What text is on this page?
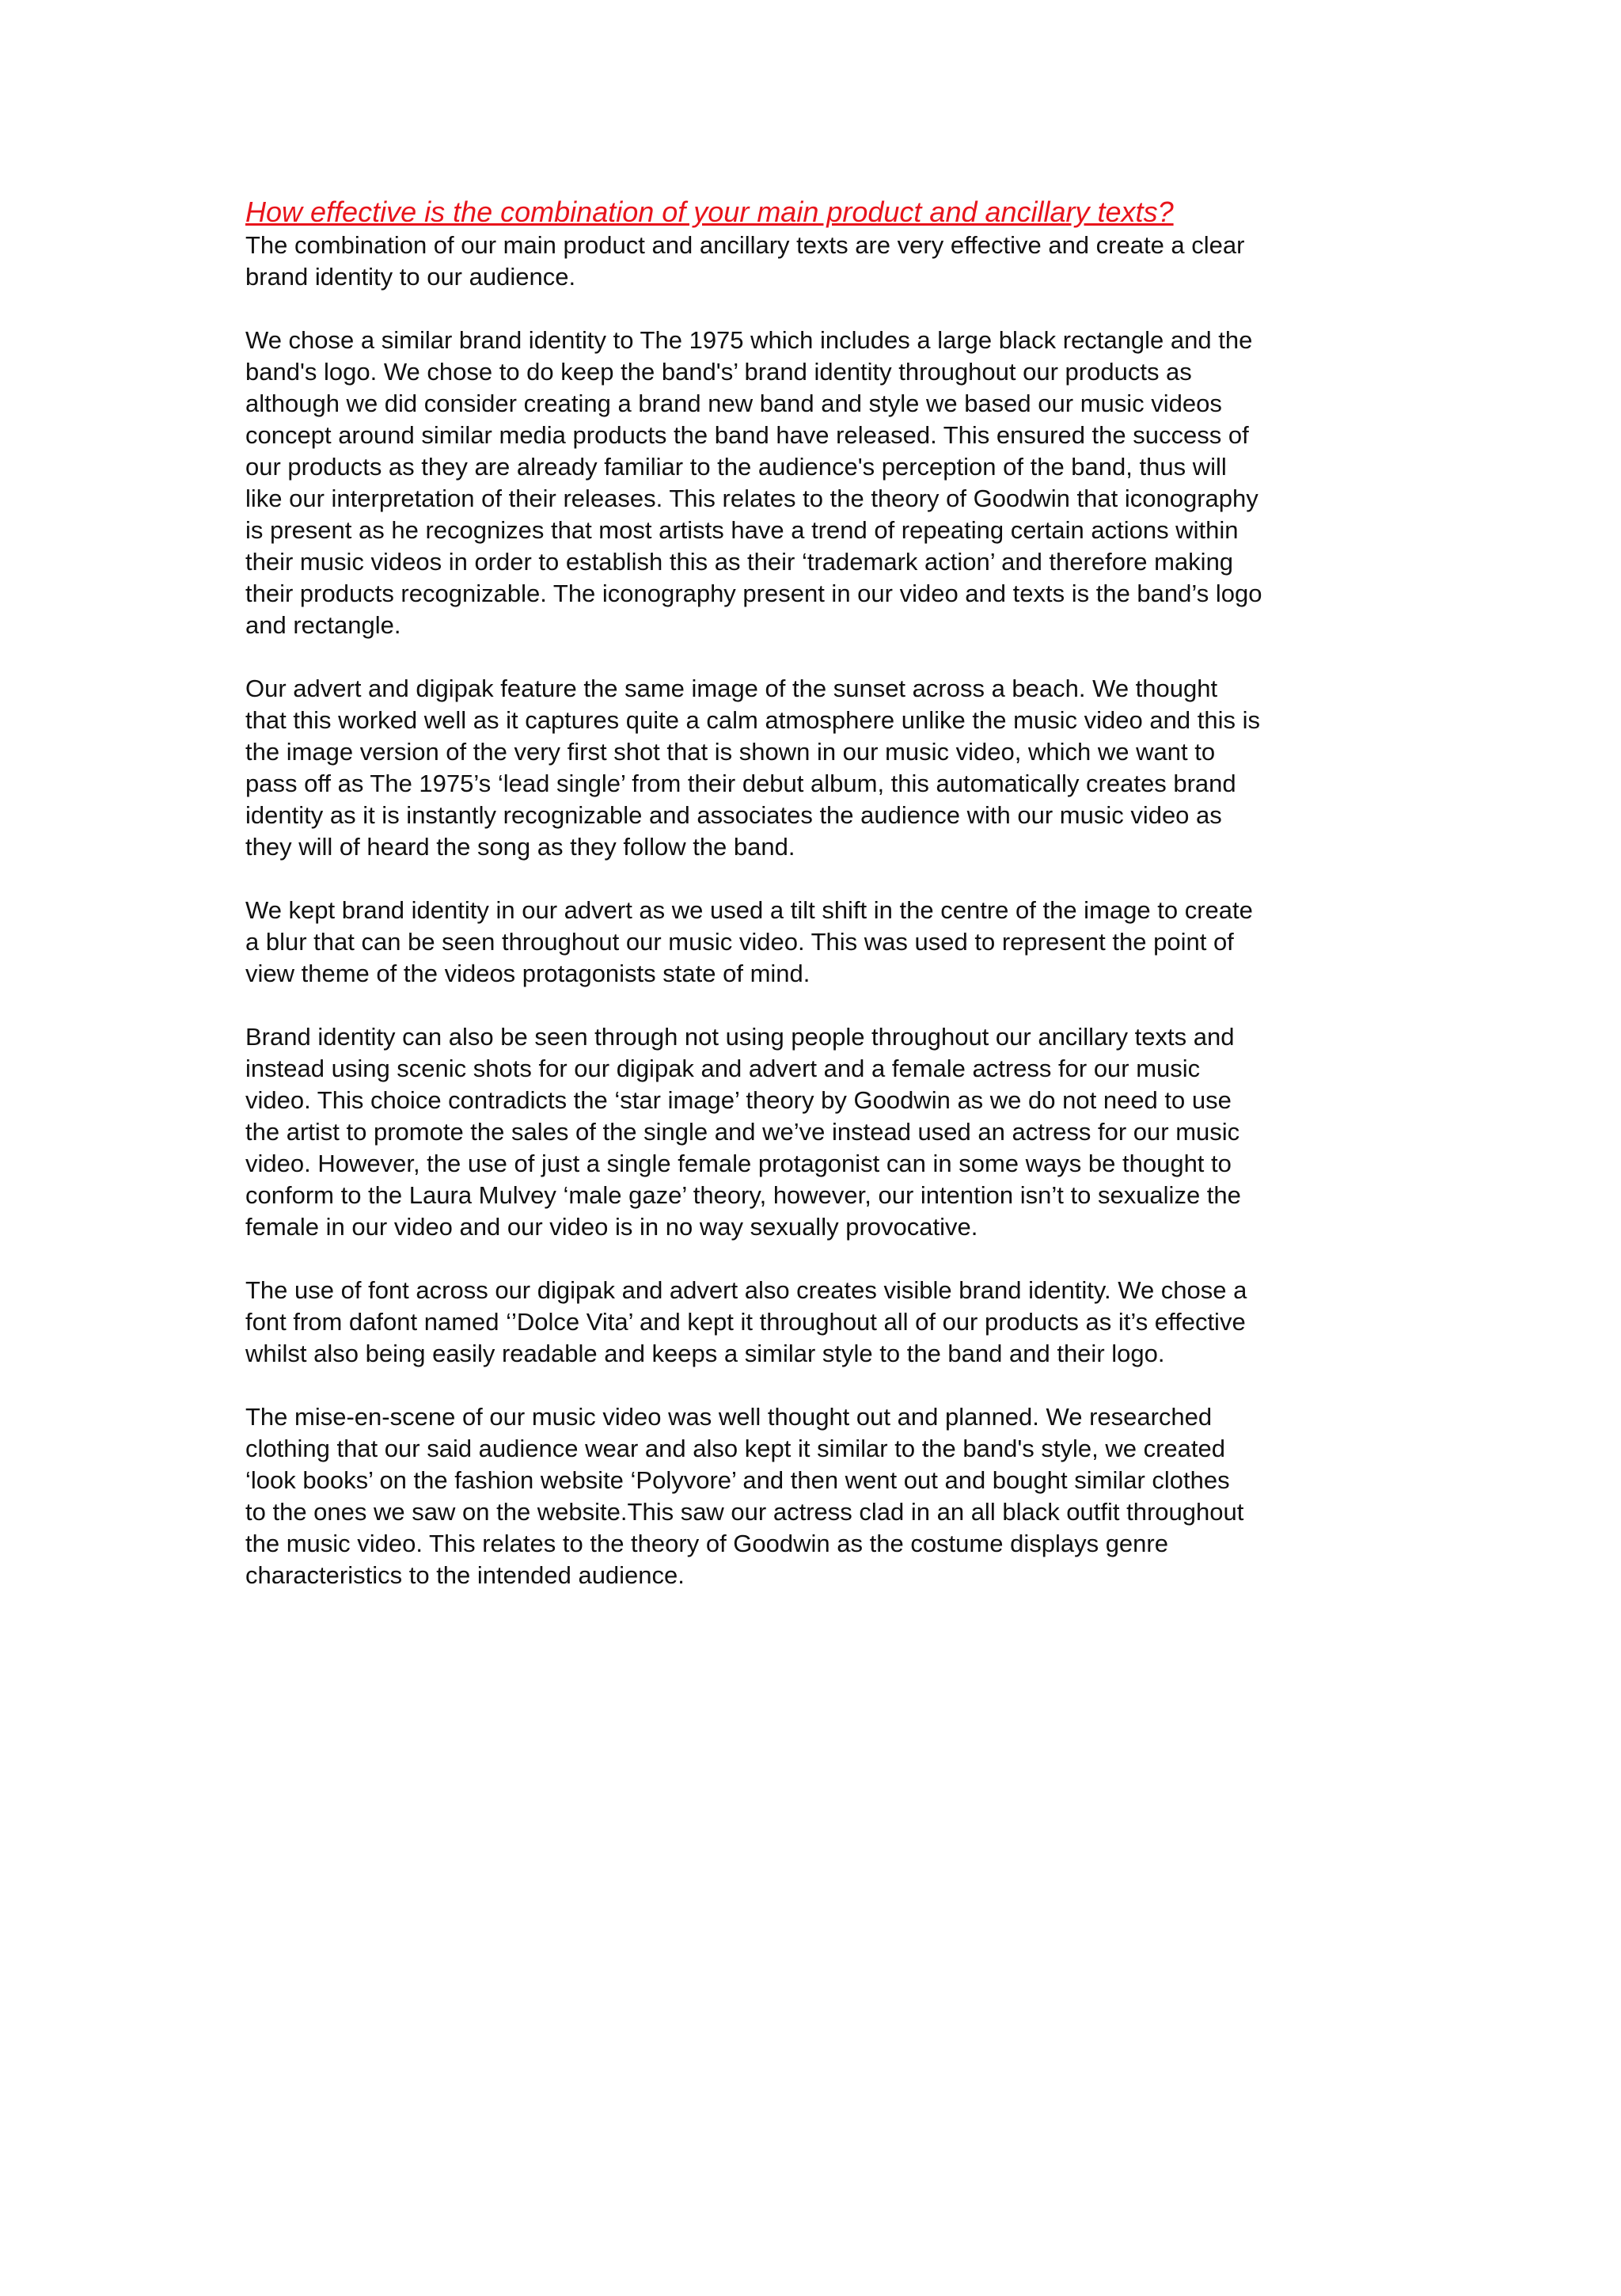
How effective is the combination of your main product and ancillary texts?

The combination of our main product and ancillary texts are very effective and create a clear
brand identity to our audience.

We chose a similar brand identity to The 1975 which includes a large black rectangle and the
band's logo. We chose to do keep the band's’ brand identity throughout our products as
although we did consider creating a brand new band and style we based our music videos
concept around similar media products the band have released. This ensured the success of
our products as they are already familiar to the audience's perception of the band, thus will
like our interpretation of their releases. This relates to the theory of Goodwin that iconography
is present as he recognizes that most artists have a trend of repeating certain actions within
their music videos in order to establish this as their ‘trademark action’ and therefore making
their products recognizable. The iconography present in our video and texts is the band’s logo
and rectangle.

Our advert and digipak feature the same image of the sunset across a beach. We thought
that this worked well as it captures quite a calm atmosphere unlike the music video and this is
the image version of the very first shot that is shown in our music video, which we want to
pass off as The 1975’s ‘lead single’ from their debut album, this automatically creates brand
identity as it is instantly recognizable and associates the audience with our music video as
they will of heard the song as they follow the band.

We kept brand identity in our advert as we used a tilt shift in the centre of the image to create
a blur that can be seen throughout our music video. This was used to represent the point of
view theme of the videos protagonists state of mind.

Brand identity can also be seen through not using people throughout our ancillary texts and
instead using scenic shots for our digipak and advert and a female actress for our music
video. This choice contradicts the ‘star image’ theory by Goodwin as we do not need to use
the artist to promote the sales of the single and we’ve instead used an actress for our music
video. However, the use of just a single female protagonist can in some ways be thought to
conform to the Laura Mulvey ‘male gaze’ theory, however, our intention isn’t to sexualize the
female in our video and our video is in no way sexually provocative.

The use of font across our digipak and advert also creates visible brand identity. We chose a
font from dafont named ‘’Dolce Vita’ and kept it throughout all of our products as it’s effective
whilst also being easily readable and keeps a similar style to the band and their logo.

The mise-en-scene of our music video was well thought out and planned. We researched
clothing that our said audience wear and also kept it similar to the band's style, we created
‘look books’ on the fashion website ‘Polyvore’ and then went out and bought similar clothes
to the ones we saw on the website.This saw our actress clad in an all black outfit throughout
the music video. This relates to the theory of Goodwin as the costume displays genre
characteristics to the intended audience.
